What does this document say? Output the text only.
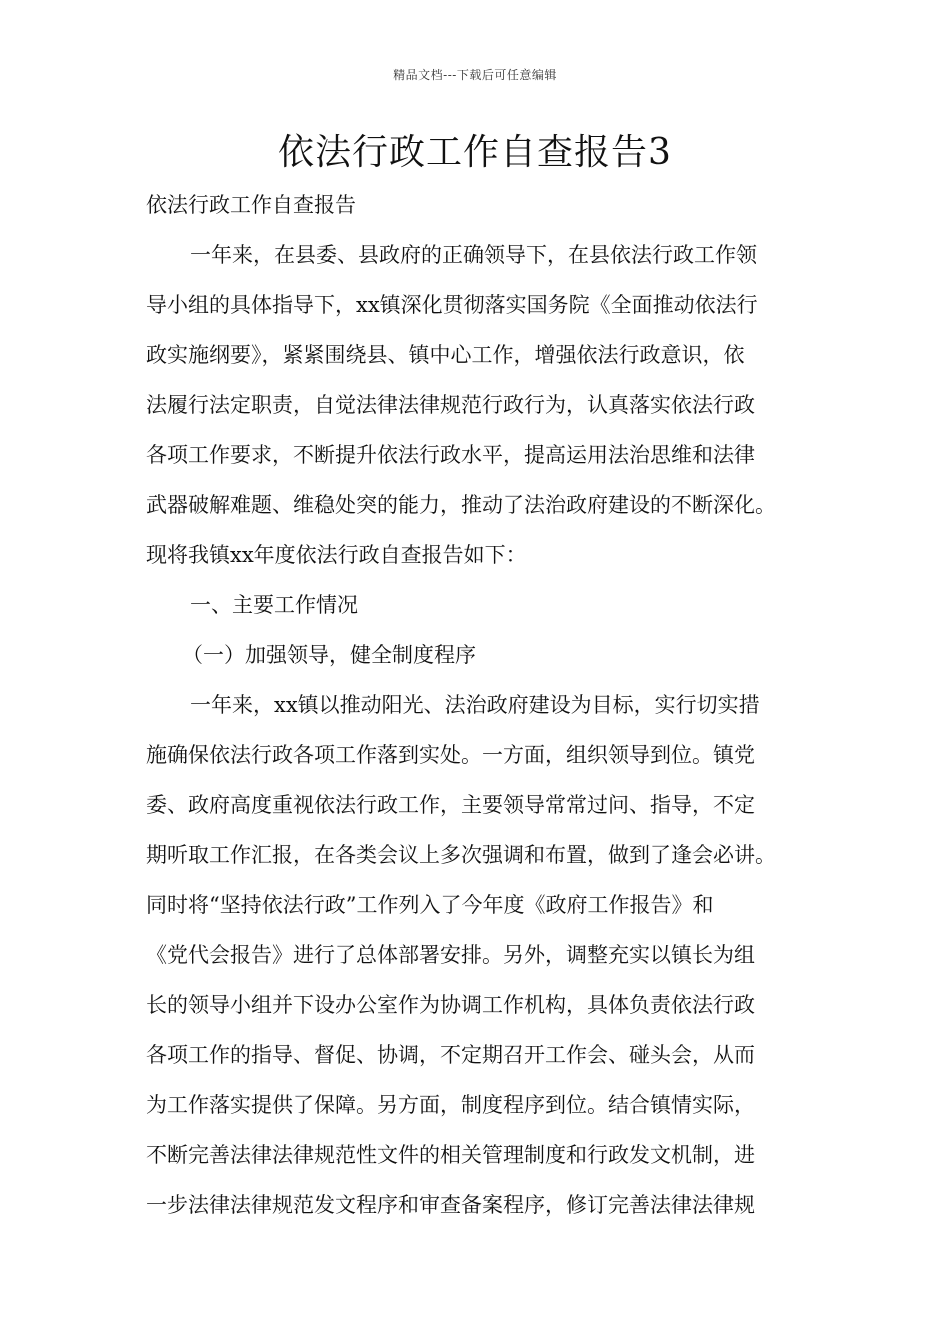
精品文档---下载后可任意编辑
依法行政工作自查报告3
依法行政工作自查报告
一年来，在县委、县政府的正确领导下，在县依法行政工作领
导小组的具体指导下，xx镇深化贯彻落实国务院《全面推动依法行
政实施纲要》，紧紧围绕县、镇中心工作，增强依法行政意识，依
法履行法定职责，自觉法律法律规范行政行为，认真落实依法行政
各项工作要求，不断提升依法行政水平，提高运用法治思维和法律
武器破解难题、维稳处突的能力，推动了法治政府建设的不断深化。
现将我镇xx年度依法行政自查报告如下：
一、主要工作情况
（一）加强领导，健全制度程序
一年来，xx镇以推动阳光、法治政府建设为目标，实行切实措
施确保依法行政各项工作落到实处。一方面，组织领导到位。镇党
委、政府高度重视依法行政工作，主要领导常常过问、指导，不定
期听取工作汇报，在各类会议上多次强调和布置，做到了逢会必讲。
同时将“坚持依法行政”工作列入了今年度《政府工作报告》和
《党代会报告》进行了总体部署安排。另外，调整充实以镇长为组
长的领导小组并下设办公室作为协调工作机构，具体负责依法行政
各项工作的指导、督促、协调，不定期召开工作会、碰头会，从而
为工作落实提供了保障。另方面，制度程序到位。结合镇情实际，
不断完善法律法律规范性文件的相关管理制度和行政发文机制，进
一步法律法律规范发文程序和审查备案程序，修订完善法律法律规
